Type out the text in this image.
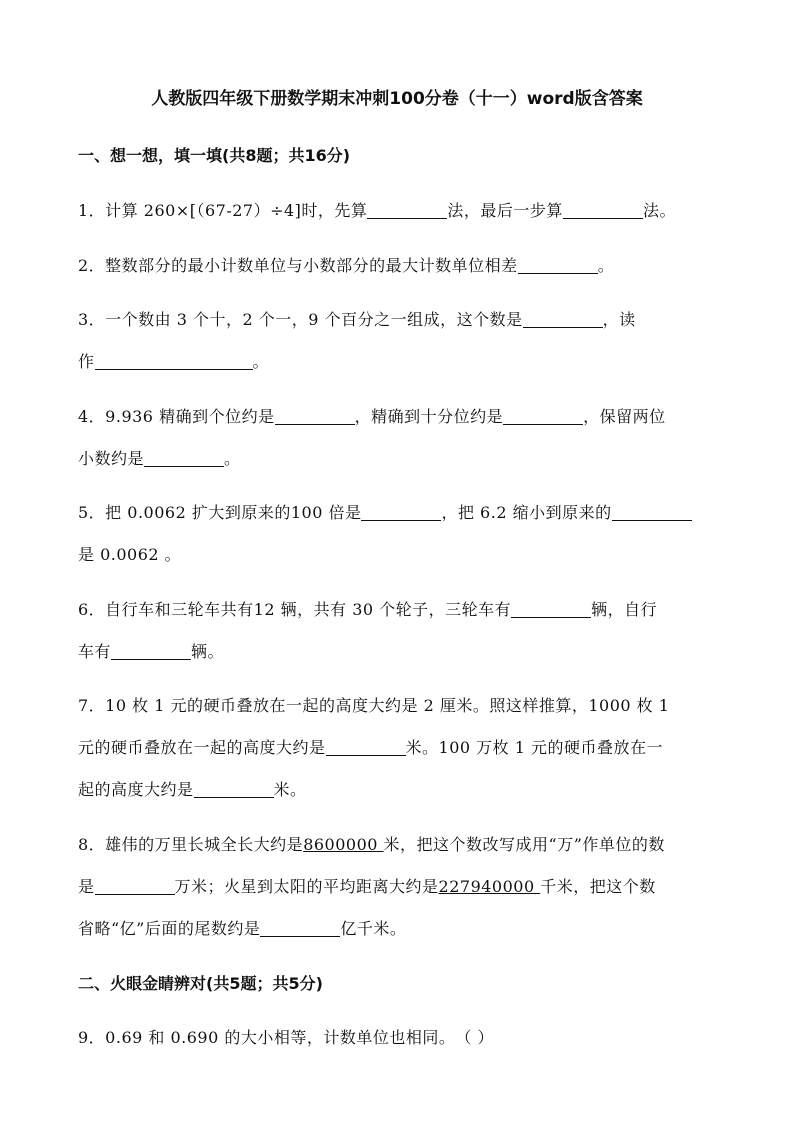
人教版四年级下册数学期末冲刺100分卷（十一）word版含答案
一、想一想，填一填(共8题；共16分)
1．计算 260×[（67-27）÷4]时，先算	法，最后一步算	法。
2．整数部分的最小计数单位与小数部分的最大计数单位相差	。
3．一个数由 3 个十，2 个一，9 个百分之一组成，这个数是	，读
作	。
4．9.936 精确到个位约是	，精确到十分位约是	，保留两位
小数约是	。
5．把 0.0062 扩大到原来的100 倍是	，把 6.2 缩小到原来的
是 0.0062 。
6．自行车和三轮车共有12 辆，共有 30 个轮子，三轮车有	辆，自行
车有	辆。
7．10 枚 1 元的硬币叠放在一起的高度大约是 2 厘米。照这样推算，1000 枚 1
元的硬币叠放在一起的高度大约是	米。100 万枚 1 元的硬币叠放在一
起的高度大约是	米。
8．雄伟的万里长城全长大约是8600000 米，把这个数改写成用“万”作单位的数
是	万米；火星到太阳的平均距离大约是227940000 千米，把这个数
省略“亿”后面的尾数约是	亿千米。
二、火眼金睛辨对(共5题；共5分)
9．0.69 和 0.690 的大小相等，计数单位也相同。（ ）
